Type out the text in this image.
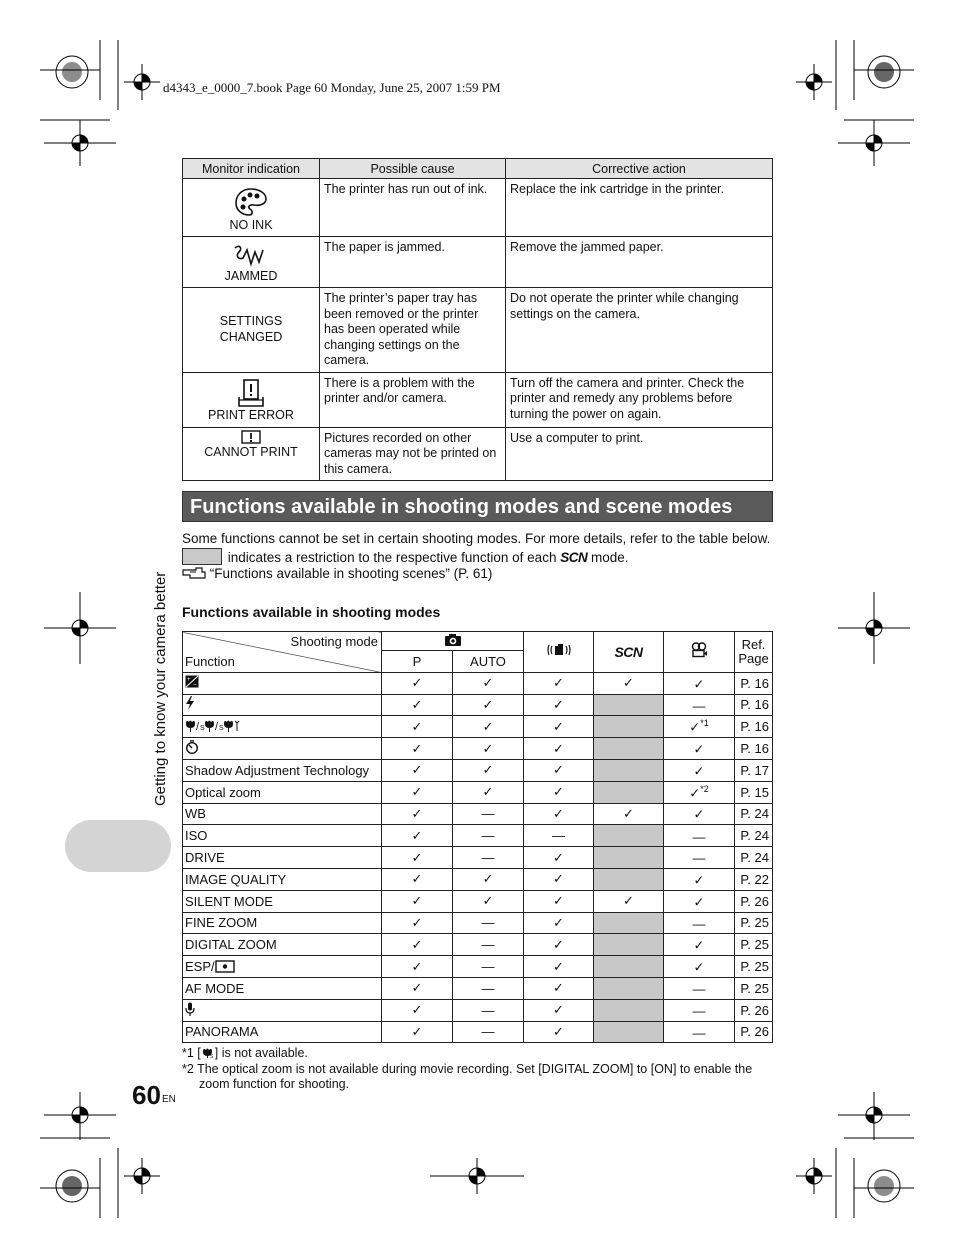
d4343_e_0000_7.book Page 60 Monday, June 25, 2007 1:59 PM
Monitor indication	Possible cause	Corrective action

NO INK	The printer has run out of ink.	Replace the ink cartridge in the printer.

JAMMED	The paper is jammed.	Remove the jammed paper.
SETTINGS CHANGED	The printer’s paper tray has been removed or the printer has been operated while changing settings on the camera.	Do not operate the printer while changing settings on the camera.

PRINT ERROR	There is a problem with the printer and/or camera.	Turn off the camera and printer. Check the printer and remedy any problems before turning the power on again.

CANNOT PRINT	Pictures recorded on other cameras may not be printed on this camera.	Use a computer to print.
Functions available in shooting modes and scene modes
Some functions cannot be set in certain shooting modes. For more details, refer to the table below.
indicates a restriction to the respective function of each SCN mode.
“Functions available in shooting scenes” (P. 61)
Functions available in shooting modes
Shooting mode
Function				SCN		Ref.
Page
	P	AUTO				

+
−	✓	✓	✓	✓	✓	P. 16
	✓	✓	✓		—	P. 16

/ S / S	✓	✓	✓		✓$^{*1}$	P. 16
	✓	✓	✓		✓	P. 16
Shadow Adjustment Technology	✓	✓	✓		✓	P. 17
Optical zoom	✓	✓	✓		✓$^{*2}$	P. 15
WB	✓	—	✓	✓	✓	P. 24
ISO	✓	—	—		—	P. 24
DRIVE	✓	—	✓		—	P. 24
IMAGE QUALITY	✓	✓	✓		✓	P. 22
SILENT MODE	✓	✓	✓	✓	✓	P. 26
FINE ZOOM	✓	—	✓		—	P. 25
DIGITAL ZOOM	✓	—	✓		✓	P. 25
ESP/	✓	—	✓		✓	P. 25
AF MODE	✓	—	✓		—	P. 25
	✓	—	✓		—	P. 26
PANORAMA	✓	—	✓		—	P. 26
*1 [ S ] is not available.
*2 The optical zoom is not available during movie recording. Set [DIGITAL ZOOM] to [ON] to enable the zoom function for shooting.
Getting to know your camera better
60 EN
